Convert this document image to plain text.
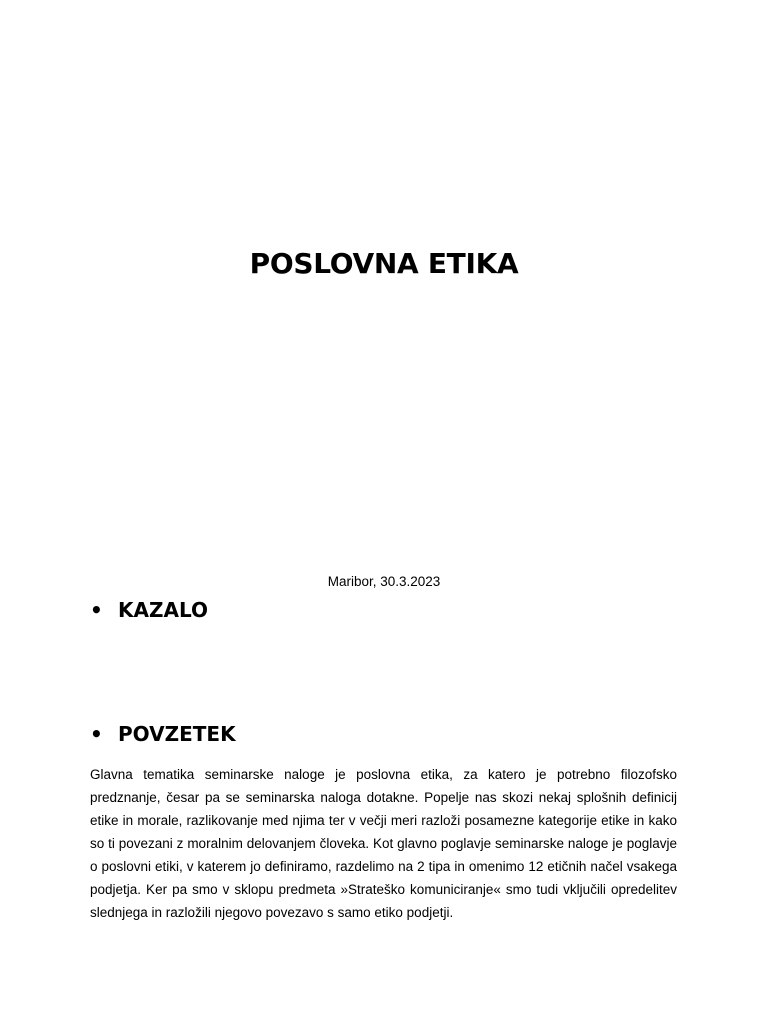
POSLOVNA ETIKA
Maribor, 30.3.2023
• KAZALO
• POVZETEK

Glavna tematika seminarske naloge je poslovna etika, za katero je potrebno filozofsko predznanje, česar pa se seminarska naloga dotakne. Popelje nas skozi nekaj splošnih definicij etike in morale, razlikovanje med njima ter v večji meri razloži posamezne kategorije etike in kako so ti povezani z moralnim delovanjem človeka. Kot glavno poglavje seminarske naloge je poglavje o poslovni etiki, v katerem jo definiramo, razdelimo na 2 tipa in omenimo 12 etičnih načel vsakega podjetja. Ker pa smo v sklopu predmeta »Strateško komuniciranje« smo tudi vključili opredelitev slednjega in razložili njegovo povezavo s samo etiko podjetji.
